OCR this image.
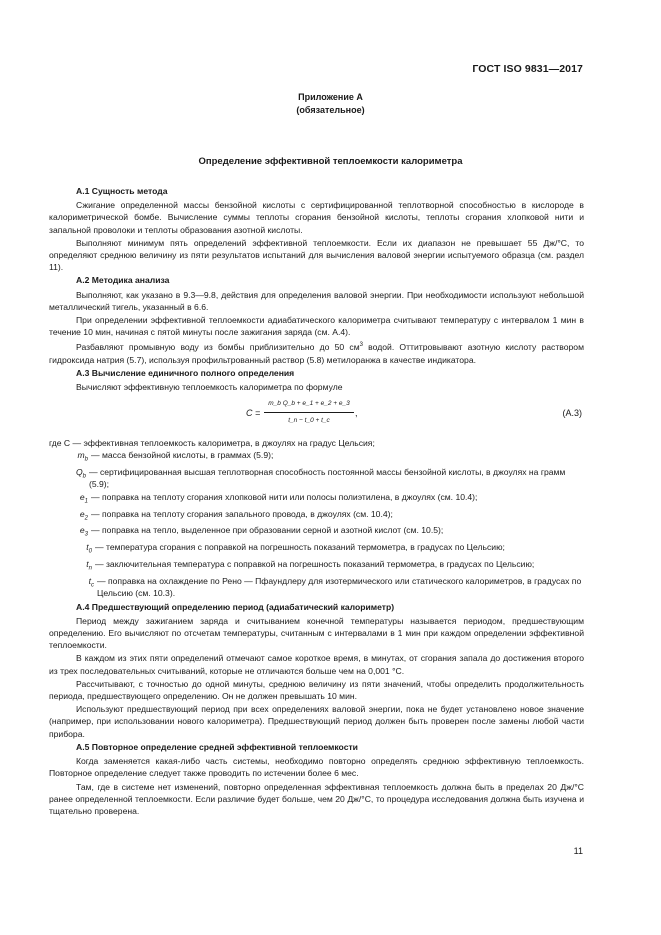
ГОСТ ISO 9831—2017
Приложение А
(обязательное)
Определение эффективной теплоемкости калориметра

А.1 Сущность метода

Сжигание определенной массы бензойной кислоты с сертифицированной теплотворной способностью в кислороде в калориметрической бомбе. Вычисление суммы теплоты сгорания бензойной кислоты, теплоты сгорания хлопковой нити и запальной проволоки и теплоты образования азотной кислоты.

Выполняют минимум пять определений эффективной теплоемкости. Если их диапазон не превышает 55 Дж/°С, то определяют среднюю величину из пяти результатов испытаний для вычисления валовой энергии испытуемого образца (см. раздел 11).

А.2 Методика анализа

Выполняют, как указано в 9.3—9.8, действия для определения валовой энергии. При необходимости используют небольшой металлический тигель, указанный в 6.6.

При определении эффективной теплоемкости адиабатического калориметра считывают температуру с интервалом 1 мин в течение 10 мин, начиная с пятой минуты после зажигания заряда (см. А.4).

Разбавляют промывную воду из бомбы приблизительно до 50 $см^3$ водой. Оттитровывают азотную кислоту раствором гидроксида натрия (5.7), используя профильтрованный раствор (5.8) метилоранжа в качестве индикатора.

А.3 Вычисление единичного полного определения

Вычисляют эффективную теплоемкость калориметра по формуле

$C = \frac{\text{m\_b Q\_b + e\_1 + e\_2 + e\_3}}{t\_n - t\_0 + t\_c}$ ,	(А.3)

где C — эффективная теплоемкость калориметра, в джоулях на градус Цельсия;

$m_b$ — масса бензойной кислоты, в граммах (5.9);
$Q_b$ — сертифицированная высшая теплотворная способность постоянной массы бензойной кислоты, в джоулях на грамм (5.9);
$e_1$ — поправка на теплоту сгорания хлопковой нити или полосы полиэтилена, в джоулях (см. 10.4);
$e_2$ — поправка на теплоту сгорания запального провода, в джоулях (см. 10.4);
$e_3$ — поправка на тепло, выделенное при образовании серной и азотной кислот (см. 10.5);
$t_0$ — температура сгорания с поправкой на погрешность показаний термометра, в градусах по Цельсию;
$t_n$ — заключительная температура с поправкой на погрешность показаний термометра, в градусах по Цельсию;
$t_c$ — поправка на охлаждение по Рено — Пфаундлеру для изотермического или статического калориметров, в градусах по Цельсию (см. 10.3).

А.4 Предшествующий определению период (адиабатический калориметр)

Период между зажиганием заряда и считыванием конечной температуры называется периодом, предшествующим определению. Его вычисляют по отсчетам температуры, считанным с интервалами в 1 мин при каждом определении эффективной теплоемкости.

В каждом из этих пяти определений отмечают самое короткое время, в минутах, от сгорания запала до достижения второго из трех последовательных считываний, которые не отличаются больше чем на 0,001 °С.

Рассчитывают, с точностью до одной минуты, среднюю величину из пяти значений, чтобы определить продолжительность периода, предшествующего определению. Он не должен превышать 10 мин.

Используют предшествующий период при всех определениях валовой энергии, пока не будет установлено новое значение (например, при использовании нового калориметра). Предшествующий период должен быть проверен после замены любой части прибора.

А.5 Повторное определение средней эффективной теплоемкости

Когда заменяется какая-либо часть системы, необходимо повторно определять среднюю эффективную теплоемкость. Повторное определение следует также проводить по истечении более 6 мес.

Там, где в системе нет изменений, повторно определенная эффективная теплоемкость должна быть в пределах 20 Дж/°С ранее определенной теплоемкости. Если различие будет больше, чем 20 Дж/°С, то процедура исследования должна быть изучена и тщательно проверена.

11
